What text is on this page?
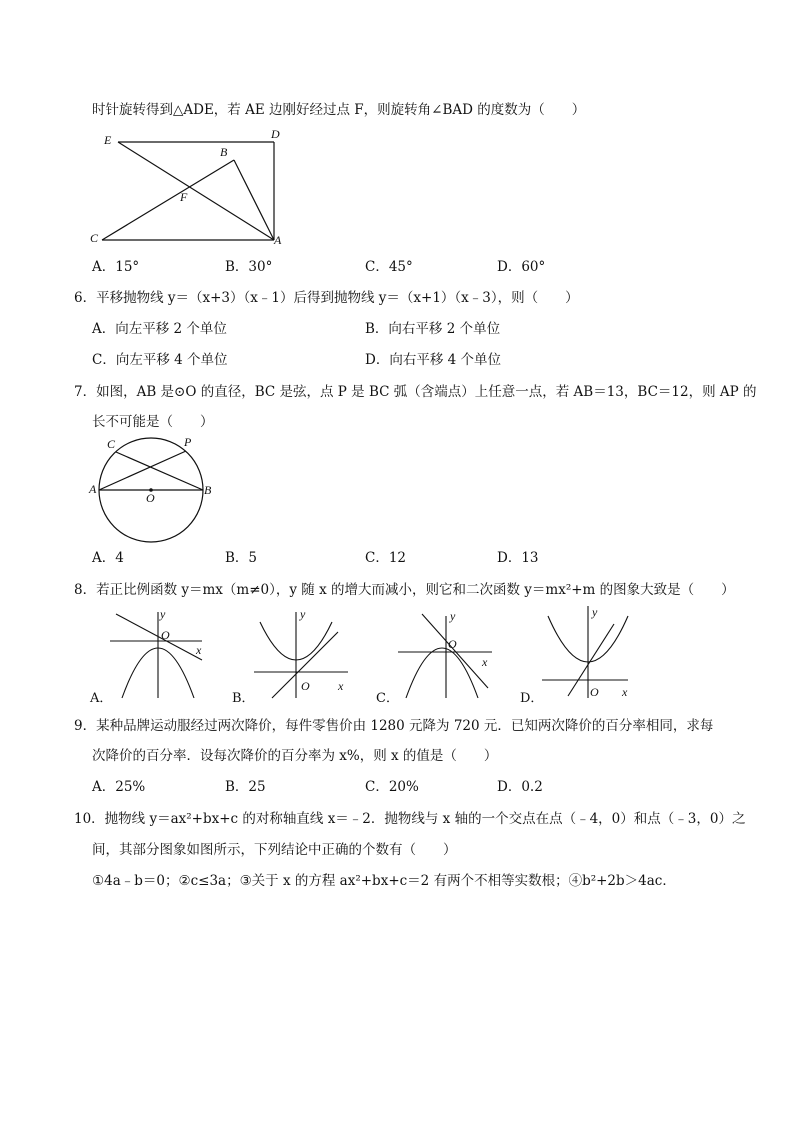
时针旋转得到△ADE，若 AE 边刚好经过点 F，则旋转角∠BAD 的度数为（　　）
E	D
B
F
C	A
A．15°	B．30°	C．45°	D．60°
6．平移抛物线 y＝（x+3）（x﹣1）后得到抛物线 y＝（x+1）（x﹣3），则（　　）
A．向左平移 2 个单位	B．向右平移 2 个单位
C．向左平移 4 个单位	D．向右平移 4 个单位
7．如图，AB 是⊙O 的直径，BC 是弦，点 P 是 BC 弧（含端点）上任意一点，若 AB＝13，BC＝12，则 AP 的
长不可能是（　　）
C	P
A
O
B
A．4	B．5	C．12	D．13
8．若正比例函数 y＝mx（m≠0），y 随 x 的增大而减小，则它和二次函数 y＝mx²+m 的图象大致是（　　）
y
O
x
A．
y
O x
B．
y
O
x
C．
y
O x
D．
9．某种品牌运动服经过两次降价，每件零售价由 1280 元降为 720 元．已知两次降价的百分率相同，求每
次降价的百分率．设每次降价的百分率为 x%，则 x 的值是（　　）
A．25%	B．25	C．20%	D．0.2
10．抛物线 y＝ax²+bx+c 的对称轴直线 x＝﹣2．抛物线与 x 轴的一个交点在点（﹣4，0）和点（﹣3，0）之
间，其部分图象如图所示，下列结论中正确的个数有（　　）
①4a﹣b＝0；②c≤3a；③关于 x 的方程 ax²+bx+c＝2 有两个不相等实数根；④b²+2b＞4ac．
